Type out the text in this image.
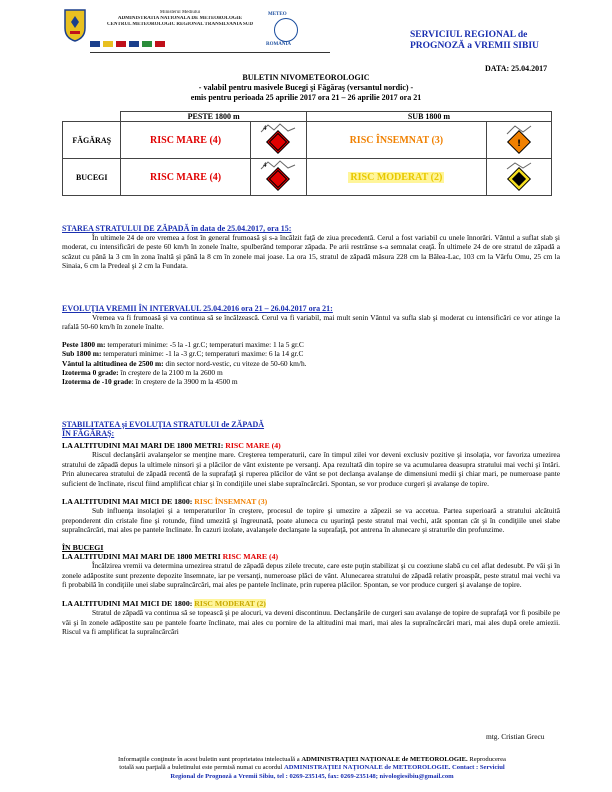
Ministerul Mediului
ADMINISTRATIA NATIONALA DE METEOROLOGIE
CENTRUL METEOROLOGIC REGIONAL TRANSILVANIA SUD
METEO
ROMANIA
SERVICIUL REGIONAL de
PROGNOZĂ a VREMII SIBIU
DATA: 25.04.2017
BULETIN NIVOMETEOROLOGIC
- valabil pentru masivele Bucegi şi Făgăraş (versantul nordic) -
emis pentru perioada 25 aprilie 2017 ora 21 – 26 aprilie 2017 ora 21
	PESTE 1800 m		SUB 1800 m	
FĂGĂRAŞ	RISC MARE (4)	4	RISC ÎNSEMNAT (3)	!

BUCEGI	RISC MARE (4)	4	RISC MODERAT (2)	
STAREA STRATULUI DE ZĂPADĂ în data de 25.04.2017, ora 15:
În ultimele 24 de ore vremea a fost în general frumoasă şi s-a încălzit faţă de ziua precedentă. Cerul a fost variabil cu unele înnorări. Vântul a suflat slab şi moderat, cu intensificări de peste 60 km/h în zonele înalte, spulberând temporar zăpada. Pe arii restrânse s-a semnalat ceaţă. În ultimele 24 de ore stratul de zăpadă a scăzut cu până la 3 cm în zona înaltă şi până la 8 cm în zonele mai joase. La ora 15, stratul de zăpadă măsura 228 cm la Bâlea-Lac, 103 cm la Vârfu Omu, 25 cm la Sinaia, 6 cm la Predeal şi 2 cm la Fundata.
EVOLUŢIA VREMII ÎN INTERVALUL 25.04.2016 ora 21 – 26.04.2017 ora 21:
Vremea va fi frumoasă şi va continua să se încălzească. Cerul va fi variabil, mai mult senin Vântul va sufla slab şi moderat cu intensificări ce vor atinge la rafală 50-60 km/h în zonele înalte.
Peste 1800 m: temperaturi minime: -5 la -1 gr.C; temperaturi maxime: 1 la 5 gr.C
Sub 1800 m: temperaturi minime: -1 la -3 gr.C; temperaturi maxime: 6 la 14 gr.C
Vântul la altitudinea de 2500 m: din sector nord-vestic, cu viteze de 50-60 km/h.
Izoterma 0 grade: în creştere de la 2100 m la 2600 m
Izoterma de -10 grade: în creştere de la 3900 m la 4500 m
STABILITATEA şi EVOLUŢIA STRATULUI de ZĂPADĂ
ÎN FĂGĂRAŞ:
LA ALTITUDINI MAI MARI DE 1800 METRI: RISC MARE (4)
Riscul declanşării avalanşelor se menţine mare. Creşterea temperaturii, care în timpul zilei vor deveni exclusiv pozitive şi insolaţia, vor favoriza umezirea stratului de zăpadă depus la ultimele ninsori şi a plăcilor de vânt existente pe versanţi. Apa rezultată din topire se va acumularea deasupra stratului mai vechi şi întări. Prin alunecarea stratului de zăpadă recentă de la suprafaţă şi ruperea plăcilor de vânt se pot declanşa avalanşe de dimensiuni medii şi chiar mari, pe numeroase pante suficient de înclinate, riscul fiind amplificat chiar şi în condiţiile unei slabe supraîncărcări. Spontan, se vor produce curgeri şi avalanşe de topire.
LA ALTITUDINI MAI MICI DE 1800: RISC ÎNSEMNAT (3)
Sub influenţa insolaţiei şi a temperaturilor în creştere, procesul de topire şi umezire a zăpezii se va accetua. Partea superioară a stratului alcătuită preponderent din cristale fine şi rotunde, fiind umezită şi îngreunată, poate aluneca cu uşurinţă peste stratul mai vechi, atât spontan cât şi în condiţiile unei slabe supraîncărcări, mai ales pe pantele înclinate. În cazuri izolate, avalanşele declanşate la suprafaţă, pot antrena în alunecare şi straturile din profunzime.
ÎN BUCEGI
LA ALTITUDINI MAI MARI DE 1800 METRI RISC MARE (4)
Încălzirea vremii va determina umezirea stratul de zăpadă depus zilele trecute, care este puţin stabilizat şi cu coeziune slabă cu cel aflat dedesubt. Pe văi şi în zonele adăpostite sunt prezente depozite însemnate, iar pe versanţi, numeroase plăci de vânt. Alunecarea stratului de zăpadă relativ proaspăt, peste stratul mai vechi va fi probabilă în condiţiile unei slabe supraîncărcări, mai ales pe pantele înclinate, prin ruperea plăcilor. Spontan, se vor produce curgeri şi avalanşe de topire.
LA ALTITUDINI MAI MICI DE 1800: RISC MODERAT (2)
Stratul de zăpadă va continua să se topească şi pe alocuri, va deveni discontinuu. Declanşările de curgeri sau avalanşe de topire de suprafaţă vor fi posibile pe văi şi în zonele adăpostite sau pe pantele foarte înclinate, mai ales cu pornire de la altitudini mai mari, mai ales la supraîncărcări mari, mai ales după orele amiezii. Riscul va fi amplificat la supraîncărcări
mtg. Cristian Grecu
Informaţiile conţinute în acest buletin sunt proprietatea intelectuală a ADMINISTRAŢIEI NAŢIONALE de METEOROLOGIE. Reproducerea
totală sau parţială a buletinului este permisă numai cu acordul ADMINISTRAŢIEI NAŢIONALE de METEOROLOGIE. Contact : Serviciul
Regional de Prognoză a Vremii Sibiu, tel : 0269-235145, fax: 0269-235148; nivologiesibiu@gmail.com
